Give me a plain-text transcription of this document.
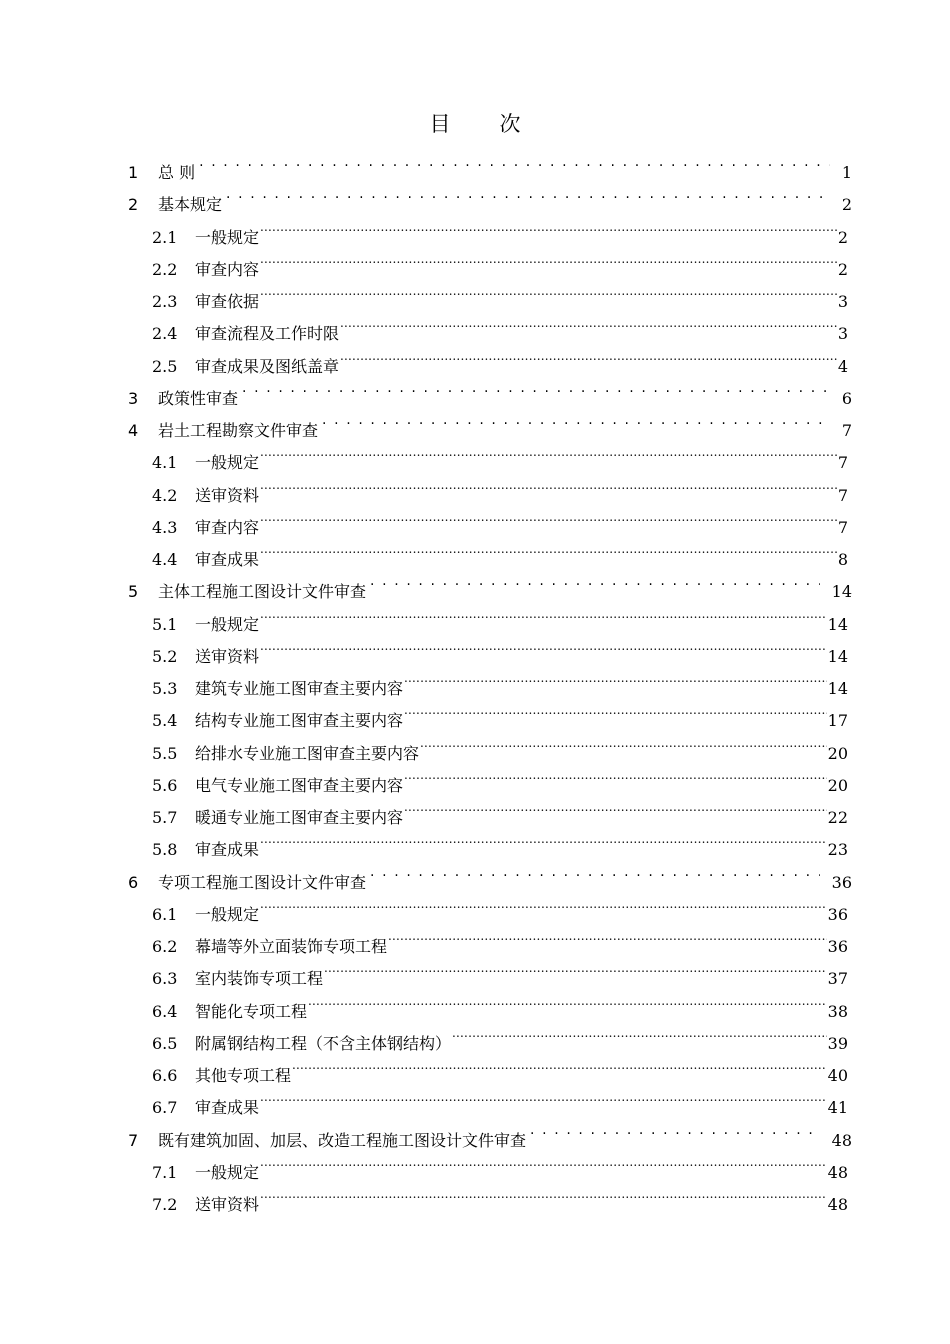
目　次
1	总 则 . . .	1
2	基本规定 . . .	2
2.1	一般规定 .....	2
2.2	审查内容 .....	2
2.3	审查依据 .....	3
2.4	审查流程及工作时限 .....	3
2.5	审查成果及图纸盖章 .....	4
3	政策性审查 . . .	6
4	岩土工程勘察文件审查 . . .	7
4.1	一般规定 .....	7
4.2	送审资料 .....	7
4.3	审查内容 .....	7
4.4	审查成果 .....	8
5	主体工程施工图设计文件审查 . . .	14
5.1	一般规定 .....	14
5.2	送审资料 .....	14
5.3	建筑专业施工图审查主要内容 .....	14
5.4	结构专业施工图审查主要内容 .....	17
5.5	给排水专业施工图审查主要内容 .....	20
5.6	电气专业施工图审查主要内容 .....	20
5.7	暖通专业施工图审查主要内容 .....	22
5.8	审查成果 .....	23
6	专项工程施工图设计文件审查 . . .	36
6.1	一般规定 .....	36
6.2	幕墙等外立面装饰专项工程 .....	36
6.3	室内装饰专项工程 .....	37
6.4	智能化专项工程 .....	38
6.5	附属钢结构工程（不含主体钢结构） .....	39
6.6	其他专项工程 .....	40
6.7	审查成果 .....	41
7	既有建筑加固、加层、改造工程施工图设计文件审查 . . .	48
7.1	一般规定 .....	48
7.2	送审资料 .....	48
